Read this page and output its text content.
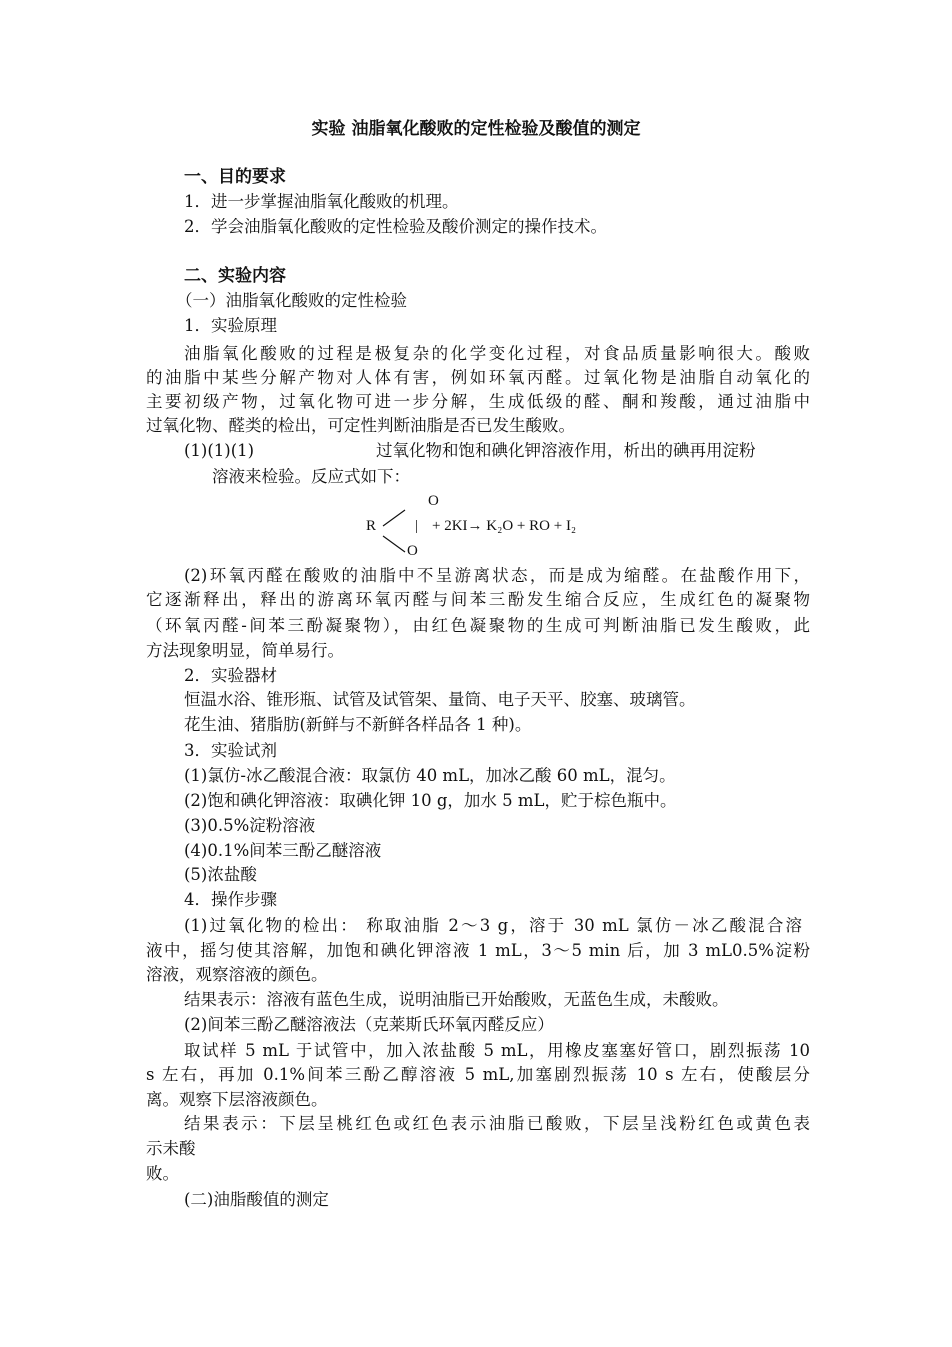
实验 油脂氧化酸败的定性检验及酸值的测定
一、目的要求
1．进一步掌握油脂氧化酸败的机理。
2．学会油脂氧化酸败的定性检验及酸价测定的操作技术。
二、实验内容
（一）油脂氧化酸败的定性检验
1．实验原理
油脂氧化酸败的过程是极复杂的化学变化过程，对食品质量影响很大。酸败
的油脂中某些分解产物对人体有害，例如环氧丙醛。过氧化物是油脂自动氧化的
主要初级产物，过氧化物可进一步分解，生成低级的醛、酮和羧酸，通过油脂中
过氧化物、醛类的检出，可定性判断油脂是否已发生酸败。
(1)(1)(1)	过氧化物和饱和碘化钾溶液作用，析出的碘再用淀粉
溶液来检验。反应式如下：
O
R	| + 2KI→ K₂O + RO + I₂
O
(2)环氧丙醛在酸败的油脂中不呈游离状态，而是成为缩醛。在盐酸作用下，
它逐渐释出，释出的游离环氧丙醛与间苯三酚发生缩合反应，生成红色的凝聚物
（环氧丙醛-间苯三酚凝聚物），由红色凝聚物的生成可判断油脂已发生酸败，此
方法现象明显，简单易行。
2．实验器材
恒温水浴、锥形瓶、试管及试管架、量筒、电子天平、胶塞、玻璃管。
花生油、猪脂肪(新鲜与不新鲜各样品各 1 种)。
3．实验试剂
(1)氯仿-冰乙酸混合液：取氯仿 40 mL，加冰乙酸 60 mL，混匀。
(2)饱和碘化钾溶液：取碘化钾 10 g，加水 5 mL，贮于棕色瓶中。
(3)0.5%淀粉溶液
(4)0.1%间苯三酚乙醚溶液
(5)浓盐酸
4．操作步骤
(1)过氧化物的检出： 称取油脂 2～3 g，溶于 30 mL 氯仿－冰乙酸混合溶
液中，摇匀使其溶解，加饱和碘化钾溶液 1 mL，3～5 min 后，加 3 mL0.5%淀粉
溶液，观察溶液的颜色。
结果表示：溶液有蓝色生成，说明油脂已开始酸败，无蓝色生成，未酸败。
(2)间苯三酚乙醚溶液法（克莱斯氏环氧丙醛反应）
取试样 5 mL 于试管中，加入浓盐酸 5 mL，用橡皮塞塞好管口，剧烈振荡 10
s 左右，再加 0.1%间苯三酚乙醇溶液 5 mL,加塞剧烈振荡 10 s 左右，使酸层分
离。观察下层溶液颜色。
结果表示：下层呈桃红色或红色表示油脂已酸败，下层呈浅粉红色或黄色表
示未酸
败。
(二)油脂酸值的测定
